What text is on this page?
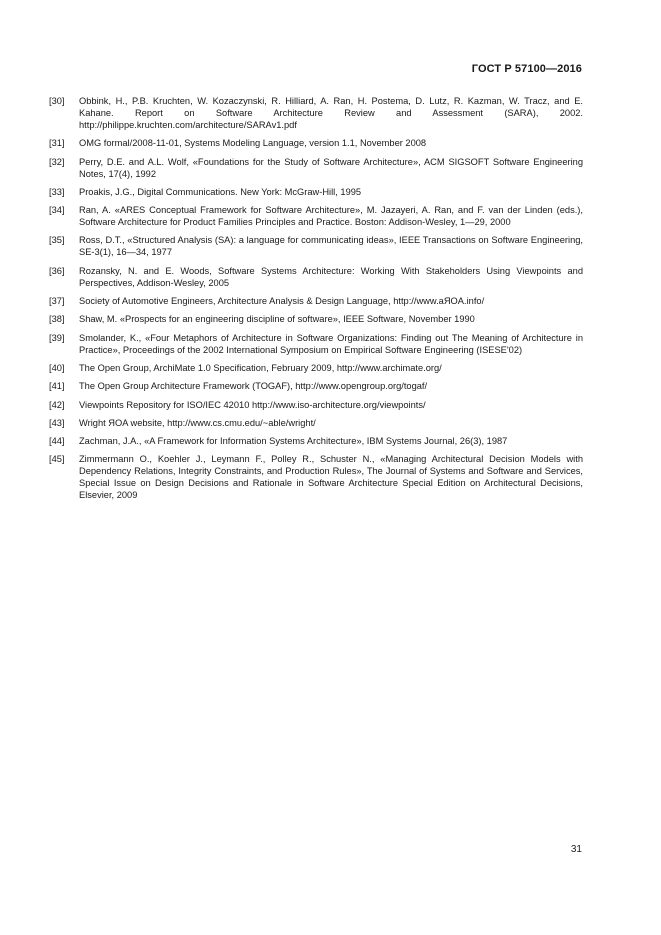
ГОСТ Р 57100—2016
[30]	Obbink, H., P.B. Kruchten, W. Kozaczynski, R. Hilliard, A. Ran, H. Postema, D. Lutz, R. Kazman, W. Tracz, and E. Kahane. Report on Software Architecture Review and Assessment (SARA), 2002. http://philippe.kruchten.com/architecture/SARAv1.pdf
[31]	OMG formal/2008-11-01, Systems Modeling Language, version 1.1, November 2008
[32]	Perry, D.E. and A.L. Wolf, «Foundations for the Study of Software Architecture», ACM SIGSOFT Software Engineering Notes, 17(4), 1992
[33]	Proakis, J.G., Digital Communications. New York: McGraw-Hill, 1995
[34]	Ran, A. «ARES Conceptual Framework for Software Architecture», M. Jazayeri, A. Ran, and F. van der Linden (eds.), Software Architecture for Product Families Principles and Practice. Boston: Addison-Wesley, 1—29, 2000
[35]	Ross, D.T., «Structured Analysis (SA): a language for communicating ideas», IEEE Transactions on Software Engineering, SE-3(1), 16—34, 1977
[36]	Rozansky, N. and E. Woods, Software Systems Architecture: Working With Stakeholders Using Viewpoints and Perspectives, Addison-Wesley, 2005
[37]	Society of Automotive Engineers, Architecture Analysis & Design Language, http://www.aЯOA.info/
[38]	Shaw, M. «Prospects for an engineering discipline of software», IEEE Software, November 1990
[39]	Smolander, K., «Four Metaphors of Architecture in Software Organizations: Finding out The Meaning of Architecture in Practice», Proceedings of the 2002 International Symposium on Empirical Software Engineering (ISESE'02)
[40]	The Open Group, ArchiMate 1.0 Specification, February 2009, http://www.archimate.org/
[41]	The Open Group Architecture Framework (TOGAF), http://www.opengroup.org/togaf/
[42]	Viewpoints Repository for ISO/IEC 42010 http://www.iso-architecture.org/viewpoints/
[43]	Wright ЯOA website, http://www.cs.cmu.edu/~able/wright/
[44]	Zachman, J.A., «A Framework for Information Systems Architecture», IBM Systems Journal, 26(3), 1987
[45]	Zimmermann O., Koehler J., Leymann F., Polley R., Schuster N., «Managing Architectural Decision Models with Dependency Relations, Integrity Constraints, and Production Rules», The Journal of Systems and Software and Services, Special Issue on Design Decisions and Rationale in Software Architecture Special Edition on Architectural Decisions, Elsevier, 2009
31
